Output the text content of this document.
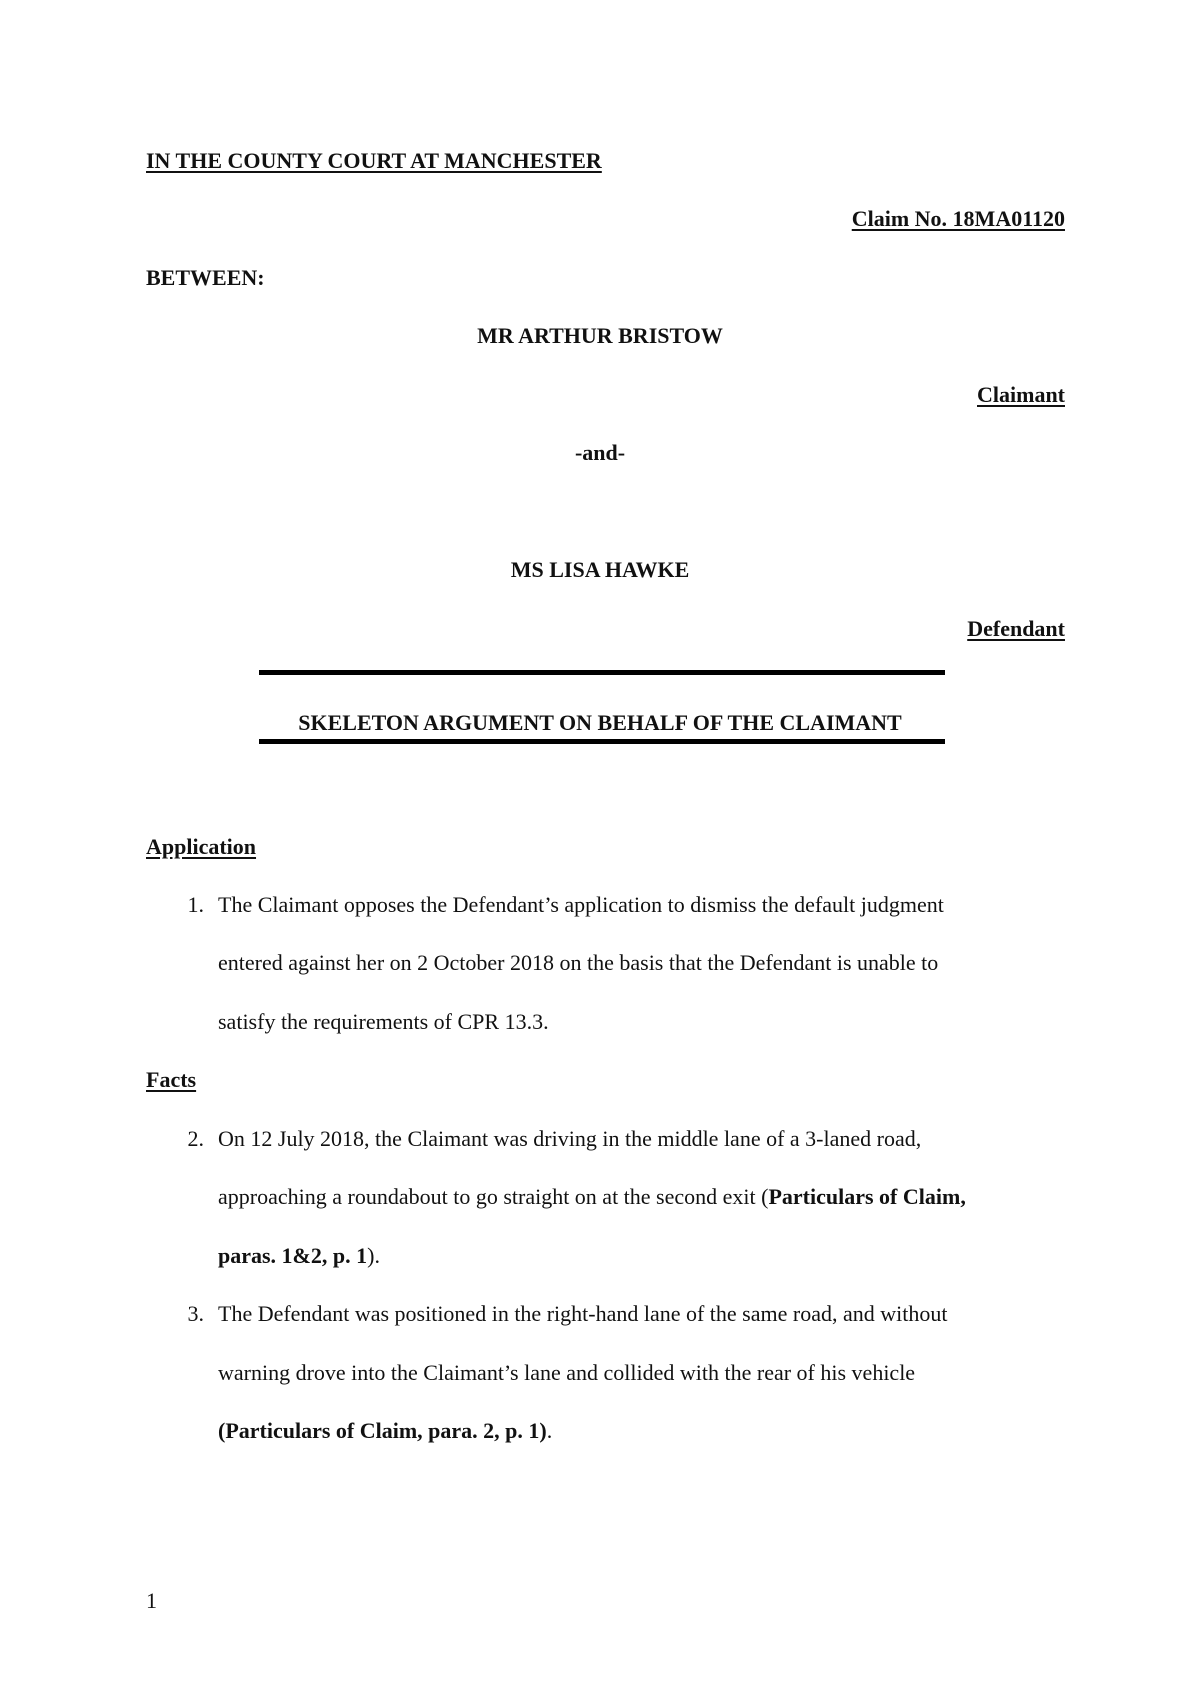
IN THE COUNTY COURT AT MANCHESTER
Claim No. 18MA01120
BETWEEN:
MR ARTHUR BRISTOW
Claimant
-and-
MS LISA HAWKE
Defendant
SKELETON ARGUMENT ON BEHALF OF THE CLAIMANT
Application
1. The Claimant opposes the Defendant’s application to dismiss the default judgment
entered against her on 2 October 2018 on the basis that the Defendant is unable to
satisfy the requirements of CPR 13.3.
Facts
2. On 12 July 2018, the Claimant was driving in the middle lane of a 3-laned road,
approaching a roundabout to go straight on at the second exit (Particulars of Claim,
paras. 1&2, p. 1).
3. The Defendant was positioned in the right-hand lane of the same road, and without
warning drove into the Claimant’s lane and collided with the rear of his vehicle
(Particulars of Claim, para. 2, p. 1).
1
